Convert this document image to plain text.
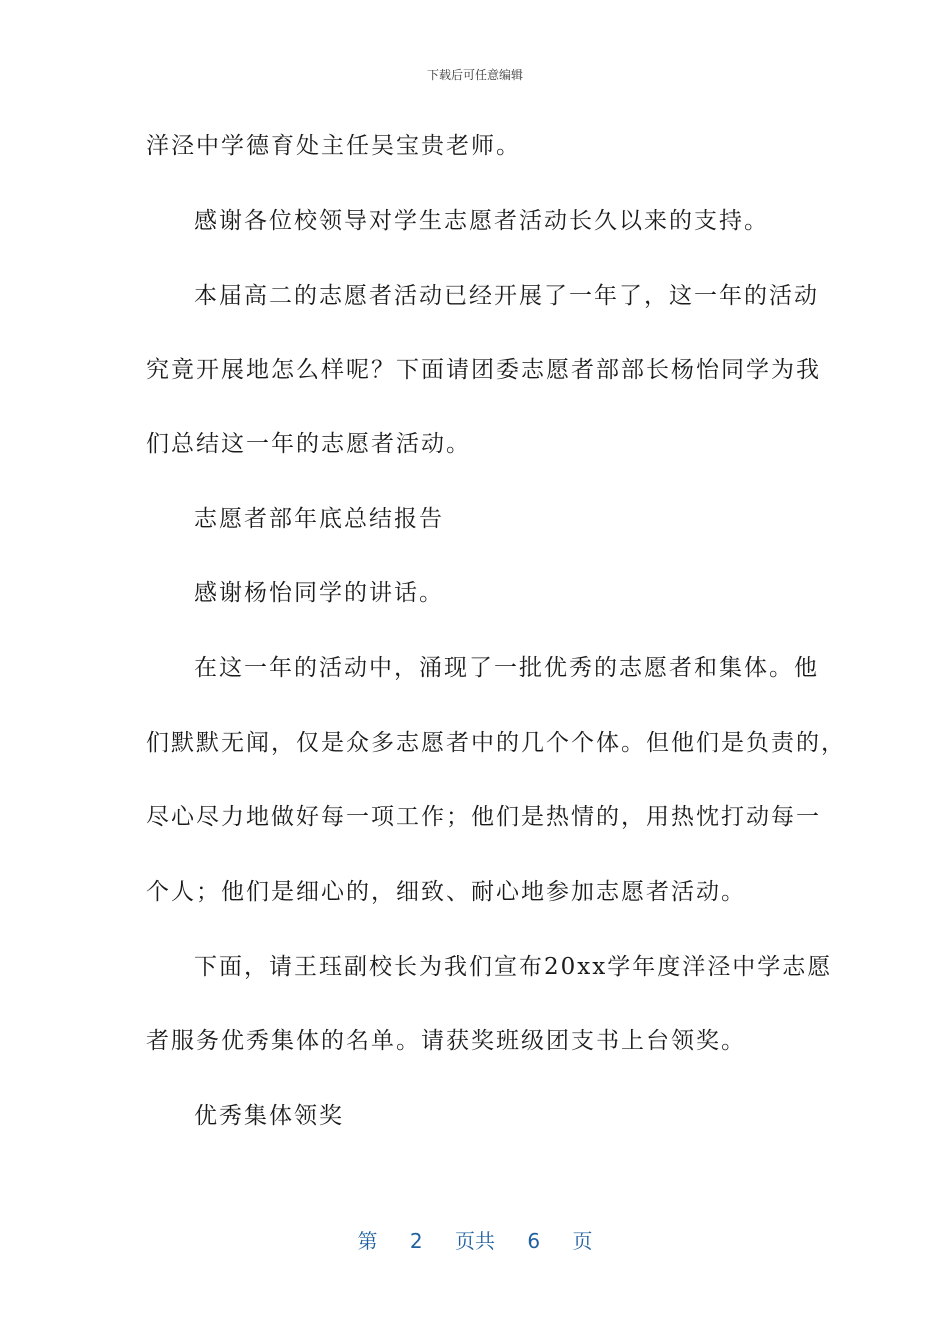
下载后可任意编辑
洋泾中学德育处主任吴宝贵老师。
感谢各位校领导对学生志愿者活动长久以来的支持。
本届高二的志愿者活动已经开展了一年了，这一年的活动
究竟开展地怎么样呢？下面请团委志愿者部部长杨怡同学为我
们总结这一年的志愿者活动。
志愿者部年底总结报告
感谢杨怡同学的讲话。
在这一年的活动中，涌现了一批优秀的志愿者和集体。他
们默默无闻，仅是众多志愿者中的几个个体。但他们是负责的，
尽心尽力地做好每一项工作；他们是热情的，用热忱打动每一
个人；他们是细心的，细致、耐心地参加志愿者活动。
下面，请王珏副校长为我们宣布20xx学年度洋泾中学志愿
者服务优秀集体的名单。请获奖班级团支书上台领奖。
优秀集体领奖
第 2 页共 6 页
